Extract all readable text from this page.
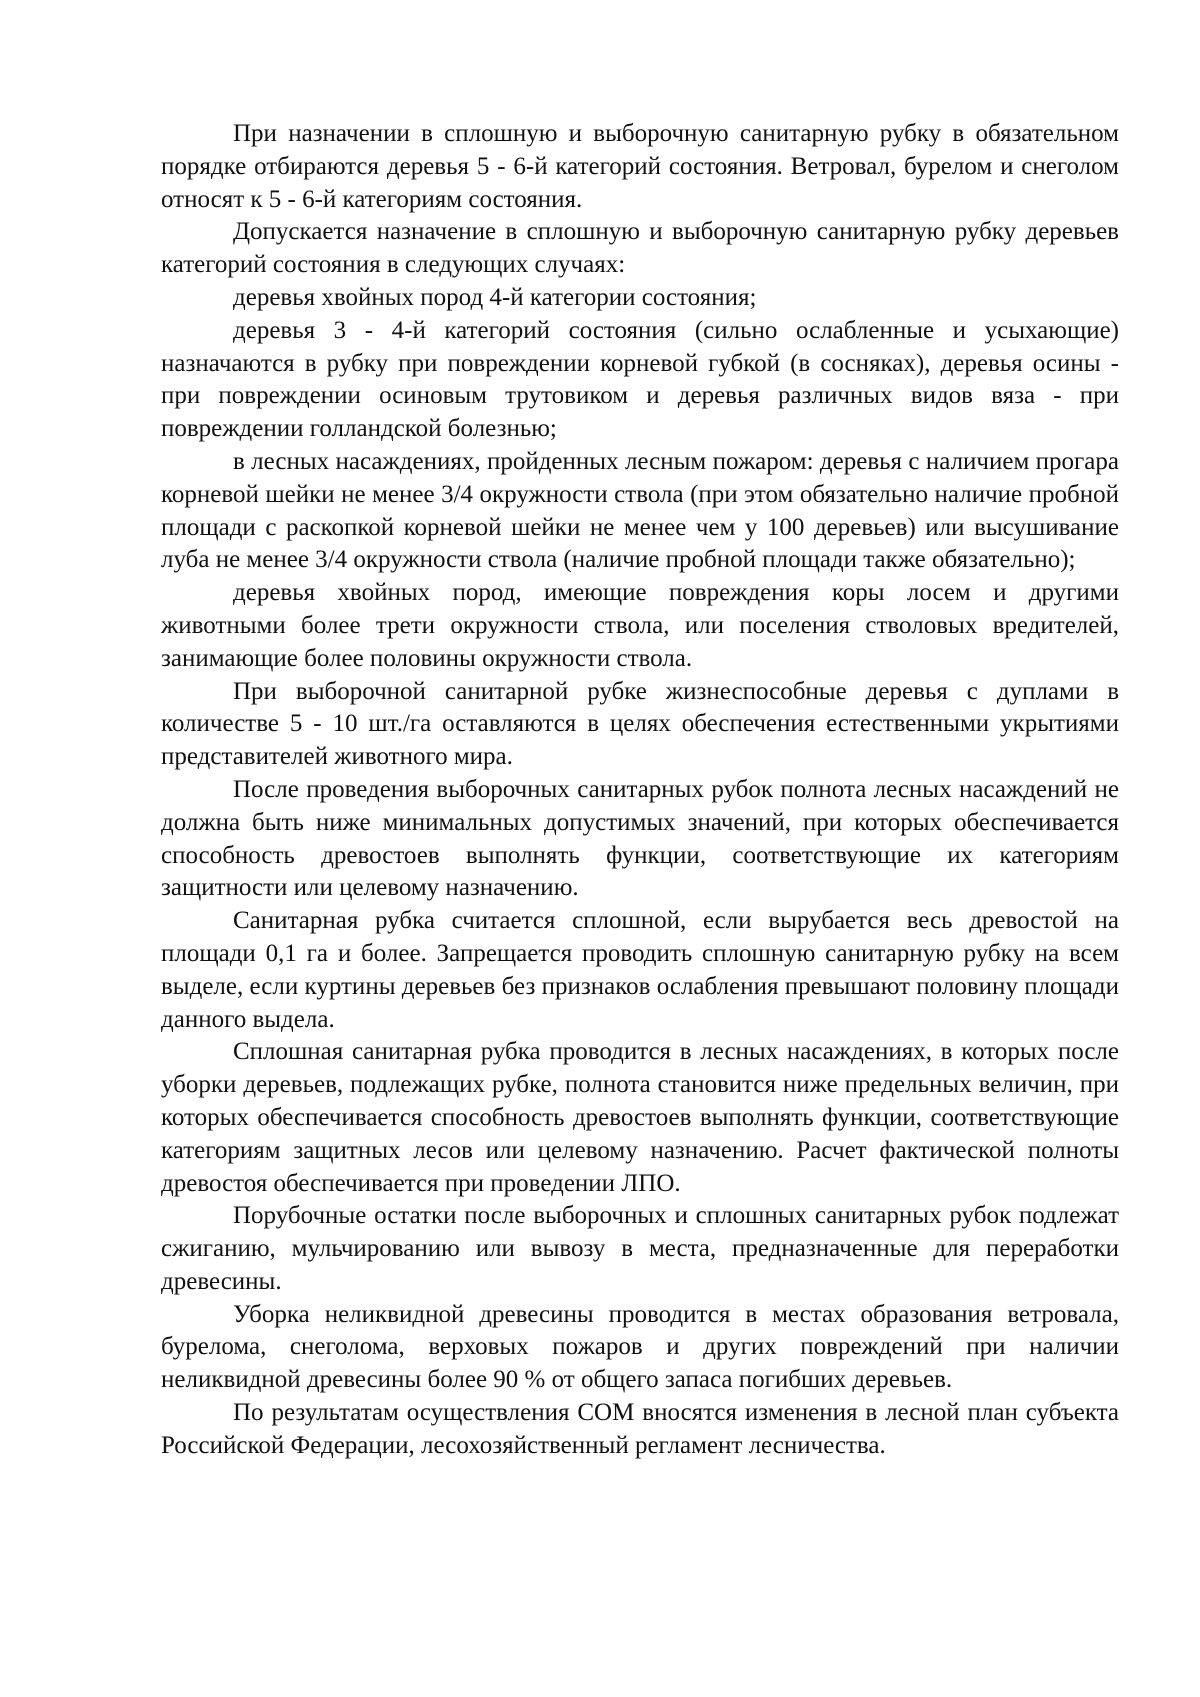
При назначении в сплошную и выборочную санитарную рубку в обязательном порядке отбираются деревья 5 - 6-й категорий состояния. Ветровал, бурелом и снеголом относят к 5 - 6-й категориям состояния.

Допускается назначение в сплошную и выборочную санитарную рубку деревьев категорий состояния в следующих случаях:

деревья хвойных пород 4-й категории состояния;

деревья 3 - 4-й категорий состояния (сильно ослабленные и усыхающие) назначаются в рубку при повреждении корневой губкой (в сосняках), деревья осины - при повреждении осиновым трутовиком и деревья различных видов вяза - при повреждении голландской болезнью;

в лесных насаждениях, пройденных лесным пожаром: деревья с наличием прогара корневой шейки не менее 3/4 окружности ствола (при этом обязательно наличие пробной площади с раскопкой корневой шейки не менее чем у 100 деревьев) или высушивание луба не менее 3/4 окружности ствола (наличие пробной площади также обязательно);

деревья хвойных пород, имеющие повреждения коры лосем и другими животными более трети окружности ствола, или поселения стволовых вредителей, занимающие более половины окружности ствола.

При выборочной санитарной рубке жизнеспособные деревья с дуплами в количестве 5 - 10 шт./га оставляются в целях обеспечения естественными укрытиями представителей животного мира.

После проведения выборочных санитарных рубок полнота лесных насаждений не должна быть ниже минимальных допустимых значений, при которых обеспечивается способность древостоев выполнять функции, соответствующие их категориям защитности или целевому назначению.

Санитарная рубка считается сплошной, если вырубается весь древостой на площади 0,1 га и более. Запрещается проводить сплошную санитарную рубку на всем выделе, если куртины деревьев без признаков ослабления превышают половину площади данного выдела.

Сплошная санитарная рубка проводится в лесных насаждениях, в которых после уборки деревьев, подлежащих рубке, полнота становится ниже предельных величин, при которых обеспечивается способность древостоев выполнять функции, соответствующие категориям защитных лесов или целевому назначению. Расчет фактической полноты древостоя обеспечивается при проведении ЛПО.

Порубочные остатки после выборочных и сплошных санитарных рубок подлежат сжиганию, мульчированию или вывозу в места, предназначенные для переработки древесины.

Уборка неликвидной древесины проводится в местах образования ветровала, бурелома, снеголома, верховых пожаров и других повреждений при наличии неликвидной древесины более 90 % от общего запаса погибших деревьев.

По результатам осуществления СОМ вносятся изменения в лесной план субъекта Российской Федерации, лесохозяйственный регламент лесничества.
